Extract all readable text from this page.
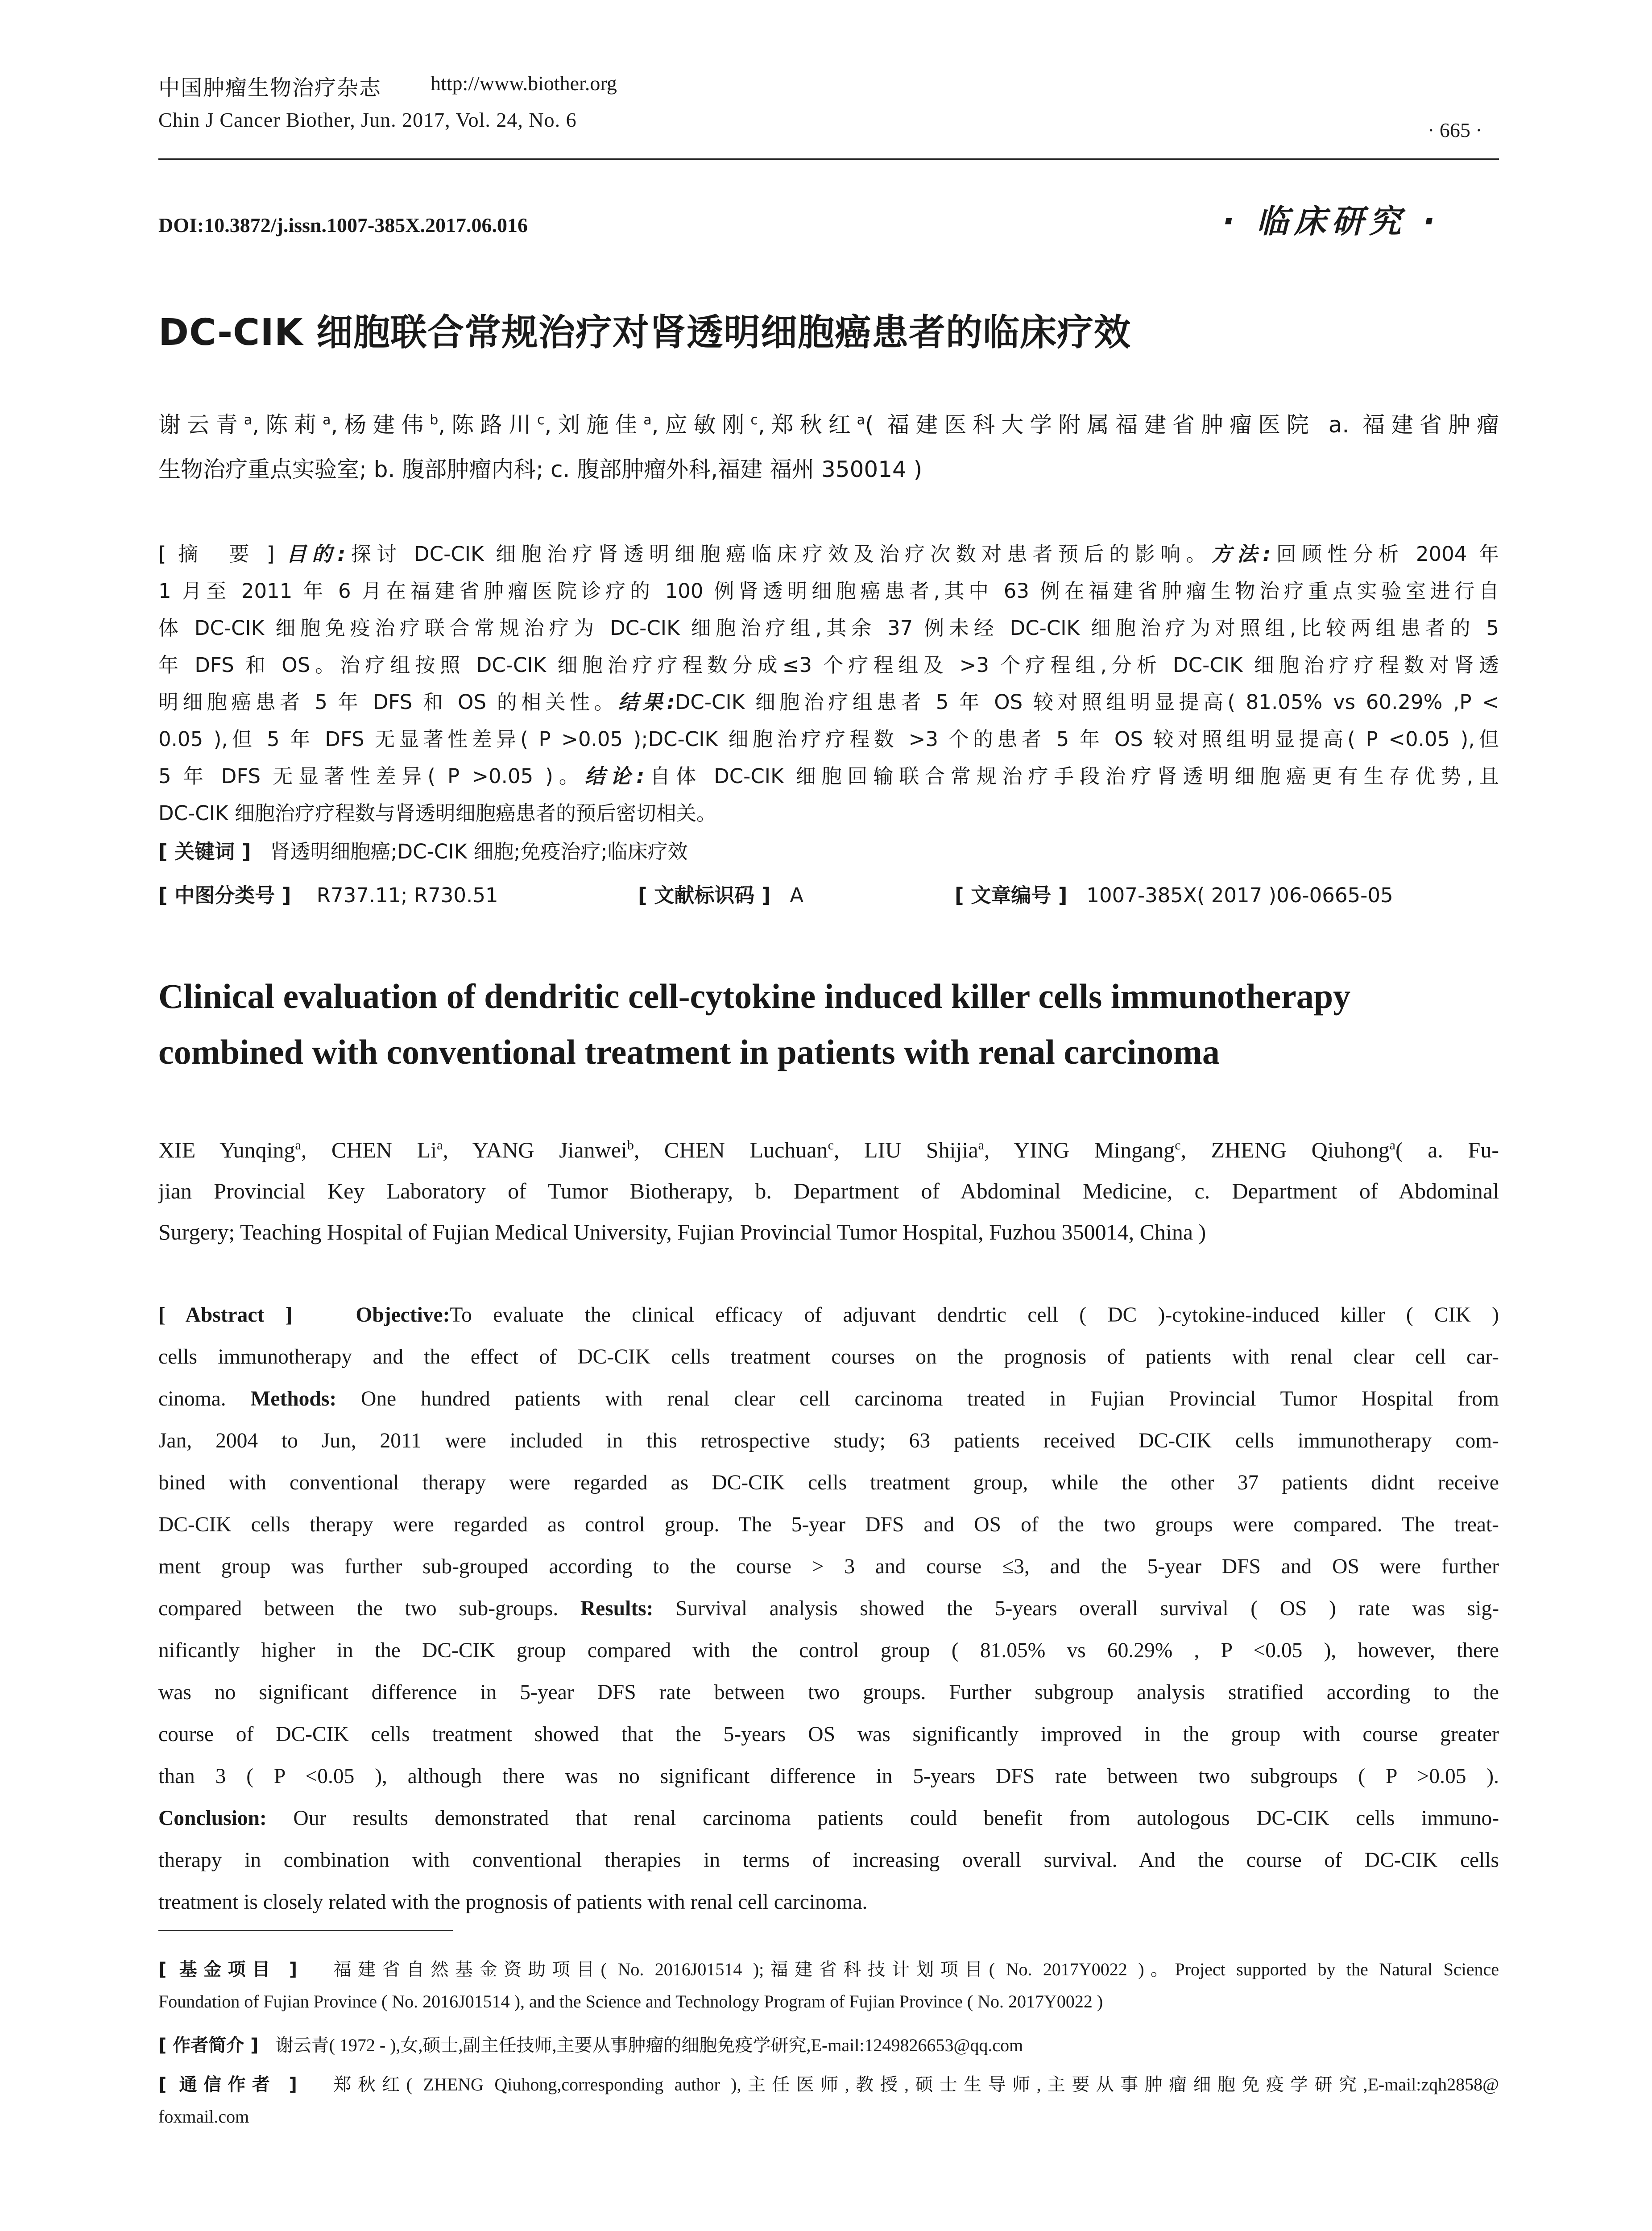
中国肿瘤生物治疗杂志 http://www.biother.org
Chin J Cancer Biother, Jun. 2017, Vol. 24, No. 6	· 665 ·
DOI:10.3872/j.issn.1007-385X.2017.06.016	· 临床研究 ·
DC-CIK 细胞联合常规治疗对肾透明细胞癌患者的临床疗效
谢云青$^a$,陈莉$^a$,杨建伟$^b$,陈路川$^c$,刘施佳$^a$,应敏刚$^c$,郑秋红$^a$( 福建医科大学附属福建省肿瘤医院 a. 福建省肿瘤
生物治疗重点实验室; b. 腹部肿瘤内科; c. 腹部肿瘤外科,福建 福州 350014 )
[ 摘　要 ] 目的:探讨 DC-CIK 细胞治疗肾透明细胞癌临床疗效及治疗次数对患者预后的影响。方法:回顾性分析 2004 年
1 月至 2011 年 6 月在福建省肿瘤医院诊疗的 100 例肾透明细胞癌患者,其中 63 例在福建省肿瘤生物治疗重点实验室进行自
体 DC-CIK 细胞免疫治疗联合常规治疗为 DC-CIK 细胞治疗组,其余 37 例未经 DC-CIK 细胞治疗为对照组,比较两组患者的 5
年 DFS 和 OS。治疗组按照 DC-CIK 细胞治疗疗程数分成≤3 个疗程组及 >3 个疗程组,分析 DC-CIK 细胞治疗疗程数对肾透
明细胞癌患者 5 年 DFS 和 OS 的相关性。结果:DC-CIK 细胞治疗组患者 5 年 OS 较对照组明显提高( 81.05% vs 60.29% ,P <
0.05 ),但 5 年 DFS 无显著性差异( P >0.05 );DC-CIK 细胞治疗疗程数 >3 个的患者 5 年 OS 较对照组明显提高( P <0.05 ),但
5 年 DFS 无显著性差异( P >0.05 )。结论:自体 DC-CIK 细胞回输联合常规治疗手段治疗肾透明细胞癌更有生存优势,且
DC-CIK 细胞治疗疗程数与肾透明细胞癌患者的预后密切相关。
[ 关键词 ] 肾透明细胞癌;DC-CIK 细胞;免疫治疗;临床疗效
[ 中图分类号 ] R737.11; R730.51	[ 文献标识码 ] A	[ 文章编号 ] 1007-385X( 2017 )06-0665-05
Clinical evaluation of dendritic cell-cytokine induced killer cells immunotherapy
combined with conventional treatment in patients with renal carcinoma
XIE Yunqing$^a$, CHEN Li$^a$, YANG Jianwei$^b$, CHEN Luchuan$^c$, LIU Shijia$^a$, YING Mingang$^c$, ZHENG Qiuhong$^a$( a. Fu-
jian Provincial Key Laboratory of Tumor Biotherapy, b. Department of Abdominal Medicine, c. Department of Abdominal
Surgery; Teaching Hospital of Fujian Medical University, Fujian Provincial Tumor Hospital, Fuzhou 350014, China )
[ Abstract ]	Objective:To evaluate the clinical efficacy of adjuvant dendrtic cell ( DC )-cytokine-induced killer ( CIK )
cells immunotherapy and the effect of DC-CIK cells treatment courses on the prognosis of patients with renal clear cell car-
cinoma. Methods: One hundred patients with renal clear cell carcinoma treated in Fujian Provincial Tumor Hospital from
Jan, 2004 to Jun, 2011 were included in this retrospective study; 63 patients received DC-CIK cells immunotherapy com-
bined with conventional therapy were regarded as DC-CIK cells treatment group, while the other 37 patients didnt receive
DC-CIK cells therapy were regarded as control group. The 5-year DFS and OS of the two groups were compared. The treat-
ment group was further sub-grouped according to the course > 3 and course ≤3, and the 5-year DFS and OS were further
compared between the two sub-groups. Results: Survival analysis showed the 5-years overall survival ( OS ) rate was sig-
nificantly higher in the DC-CIK group compared with the control group ( 81.05% vs 60.29% , P <0.05 ), however, there
was no significant difference in 5-year DFS rate between two groups. Further subgroup analysis stratified according to the
course of DC-CIK cells treatment showed that the 5-years OS was significantly improved in the group with course greater
than 3 ( P <0.05 ), although there was no significant difference in 5-years DFS rate between two subgroups ( P >0.05 ).
Conclusion: Our results demonstrated that renal carcinoma patients could benefit from autologous DC-CIK cells immuno-
therapy in combination with conventional therapies in terms of increasing overall survival. And the course of DC-CIK cells
treatment is closely related with the prognosis of patients with renal cell carcinoma.
[ 基金项目 ] 福建省自然基金资助项目( No. 2016J01514 );福建省科技计划项目( No. 2017Y0022 )。Project supported by the Natural Science
Foundation of Fujian Province ( No. 2016J01514 ), and the Science and Technology Program of Fujian Province ( No. 2017Y0022 )
[ 作者简介 ] 谢云青( 1972 - ),女,硕士,副主任技师,主要从事肿瘤的细胞免疫学研究,E-mail:1249826653@qq.com
[ 通信作者 ] 郑秋红( ZHENG Qiuhong,corresponding author ),主任医师,教授,硕士生导师,主要从事肿瘤细胞免疫学研究,E-mail:zqh2858@
foxmail.com
